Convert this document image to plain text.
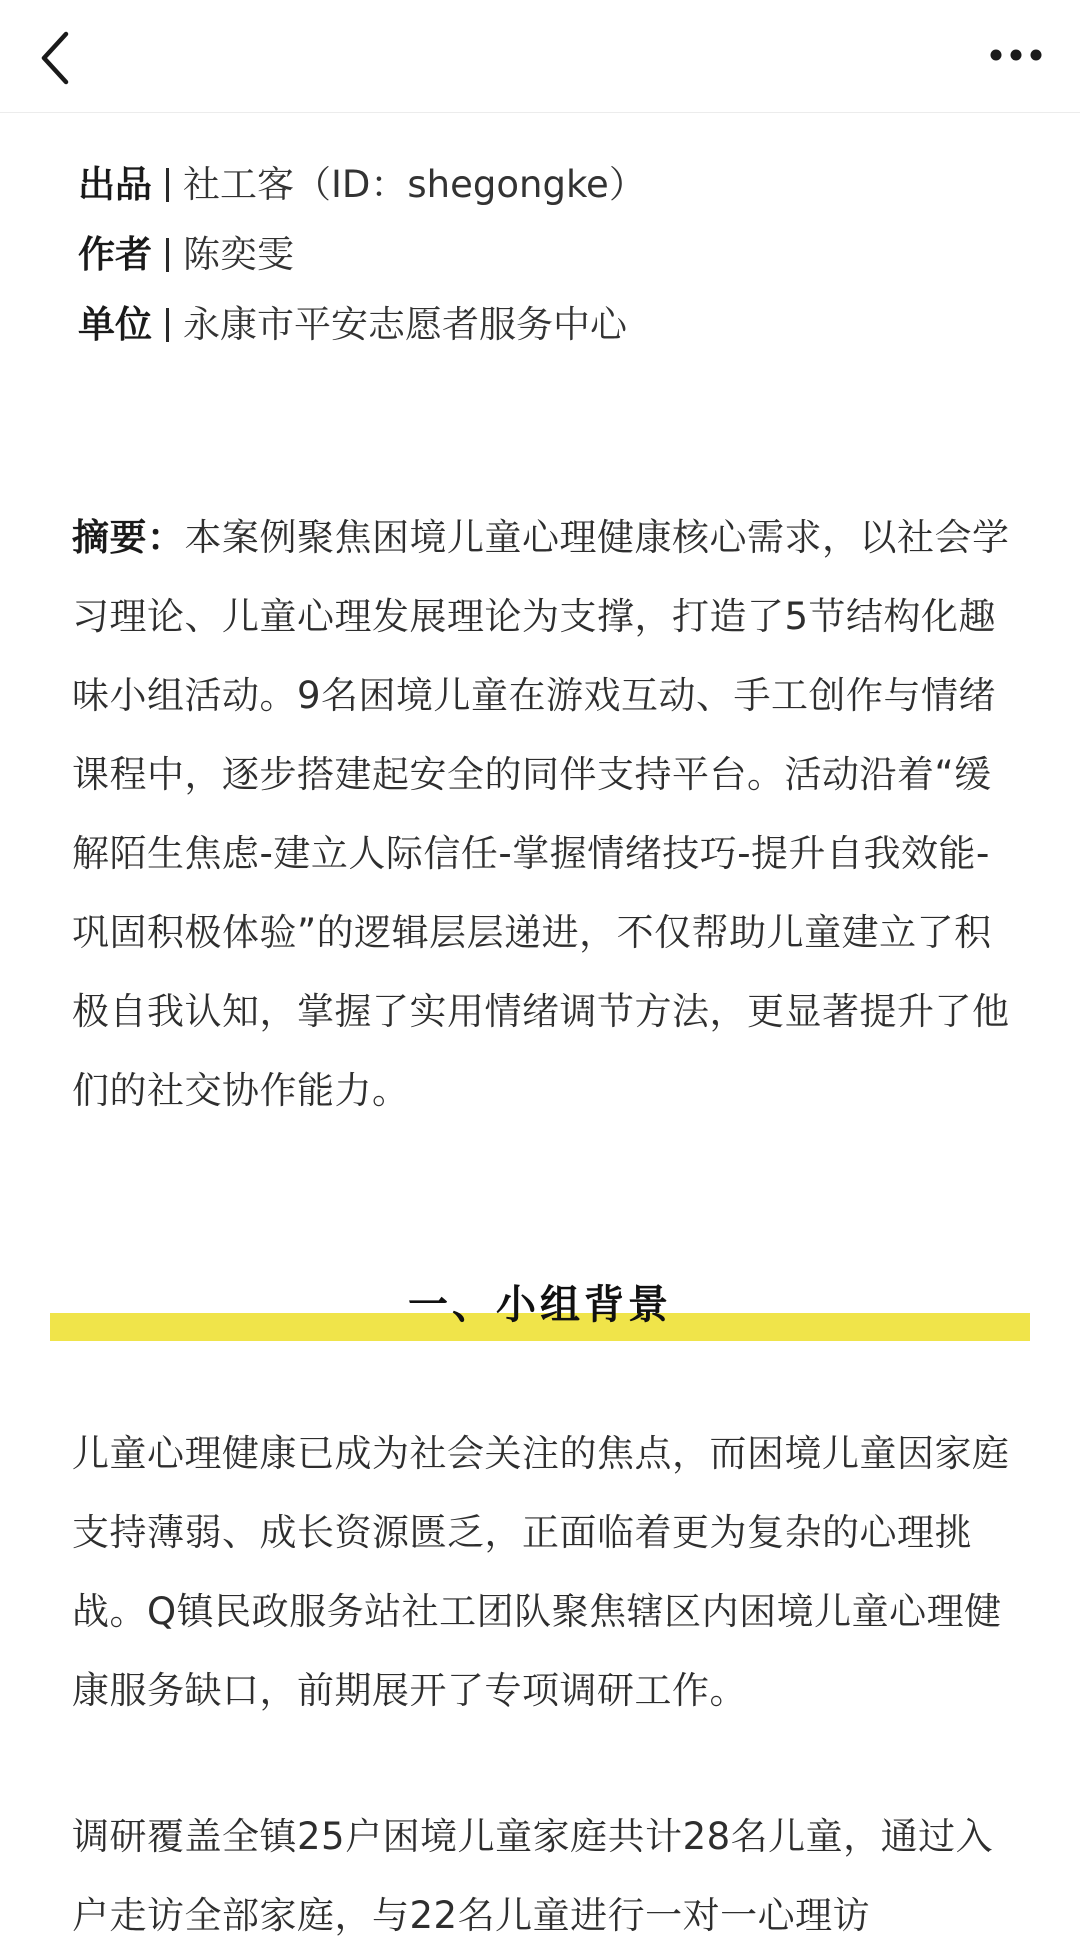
出品 社工客（ID：shegongke）
作者 陈奕雯
单位 永康市平安志愿者服务中心

摘要：本案例聚焦困境儿童心理健康核心需求，以社会学习理论、儿童心理发展理论为支撑，打造了5节结构化趣味小组活动。9名困境儿童在游戏互动、手工创作与情绪课程中，逐步搭建起安全的同伴支持平台。活动沿着“缓解陌生焦虑-建立人际信任-掌握情绪技巧-提升自我效能-巩固积极体验”的逻辑层层递进，不仅帮助儿童建立了积极自我认知，掌握了实用情绪调节方法，更显著提升了他们的社交协作能力。

一、小组背景

儿童心理健康已成为社会关注的焦点，而困境儿童因家庭支持薄弱、成长资源匮乏，正面临着更为复杂的心理挑战。Q镇民政服务站社工团队聚焦辖区内困境儿童心理健康服务缺口，前期展开了专项调研工作。

调研覆盖全镇25户困境儿童家庭共计28名儿童，通过入户走访全部家庭，与22名儿童进行一对一心理访
